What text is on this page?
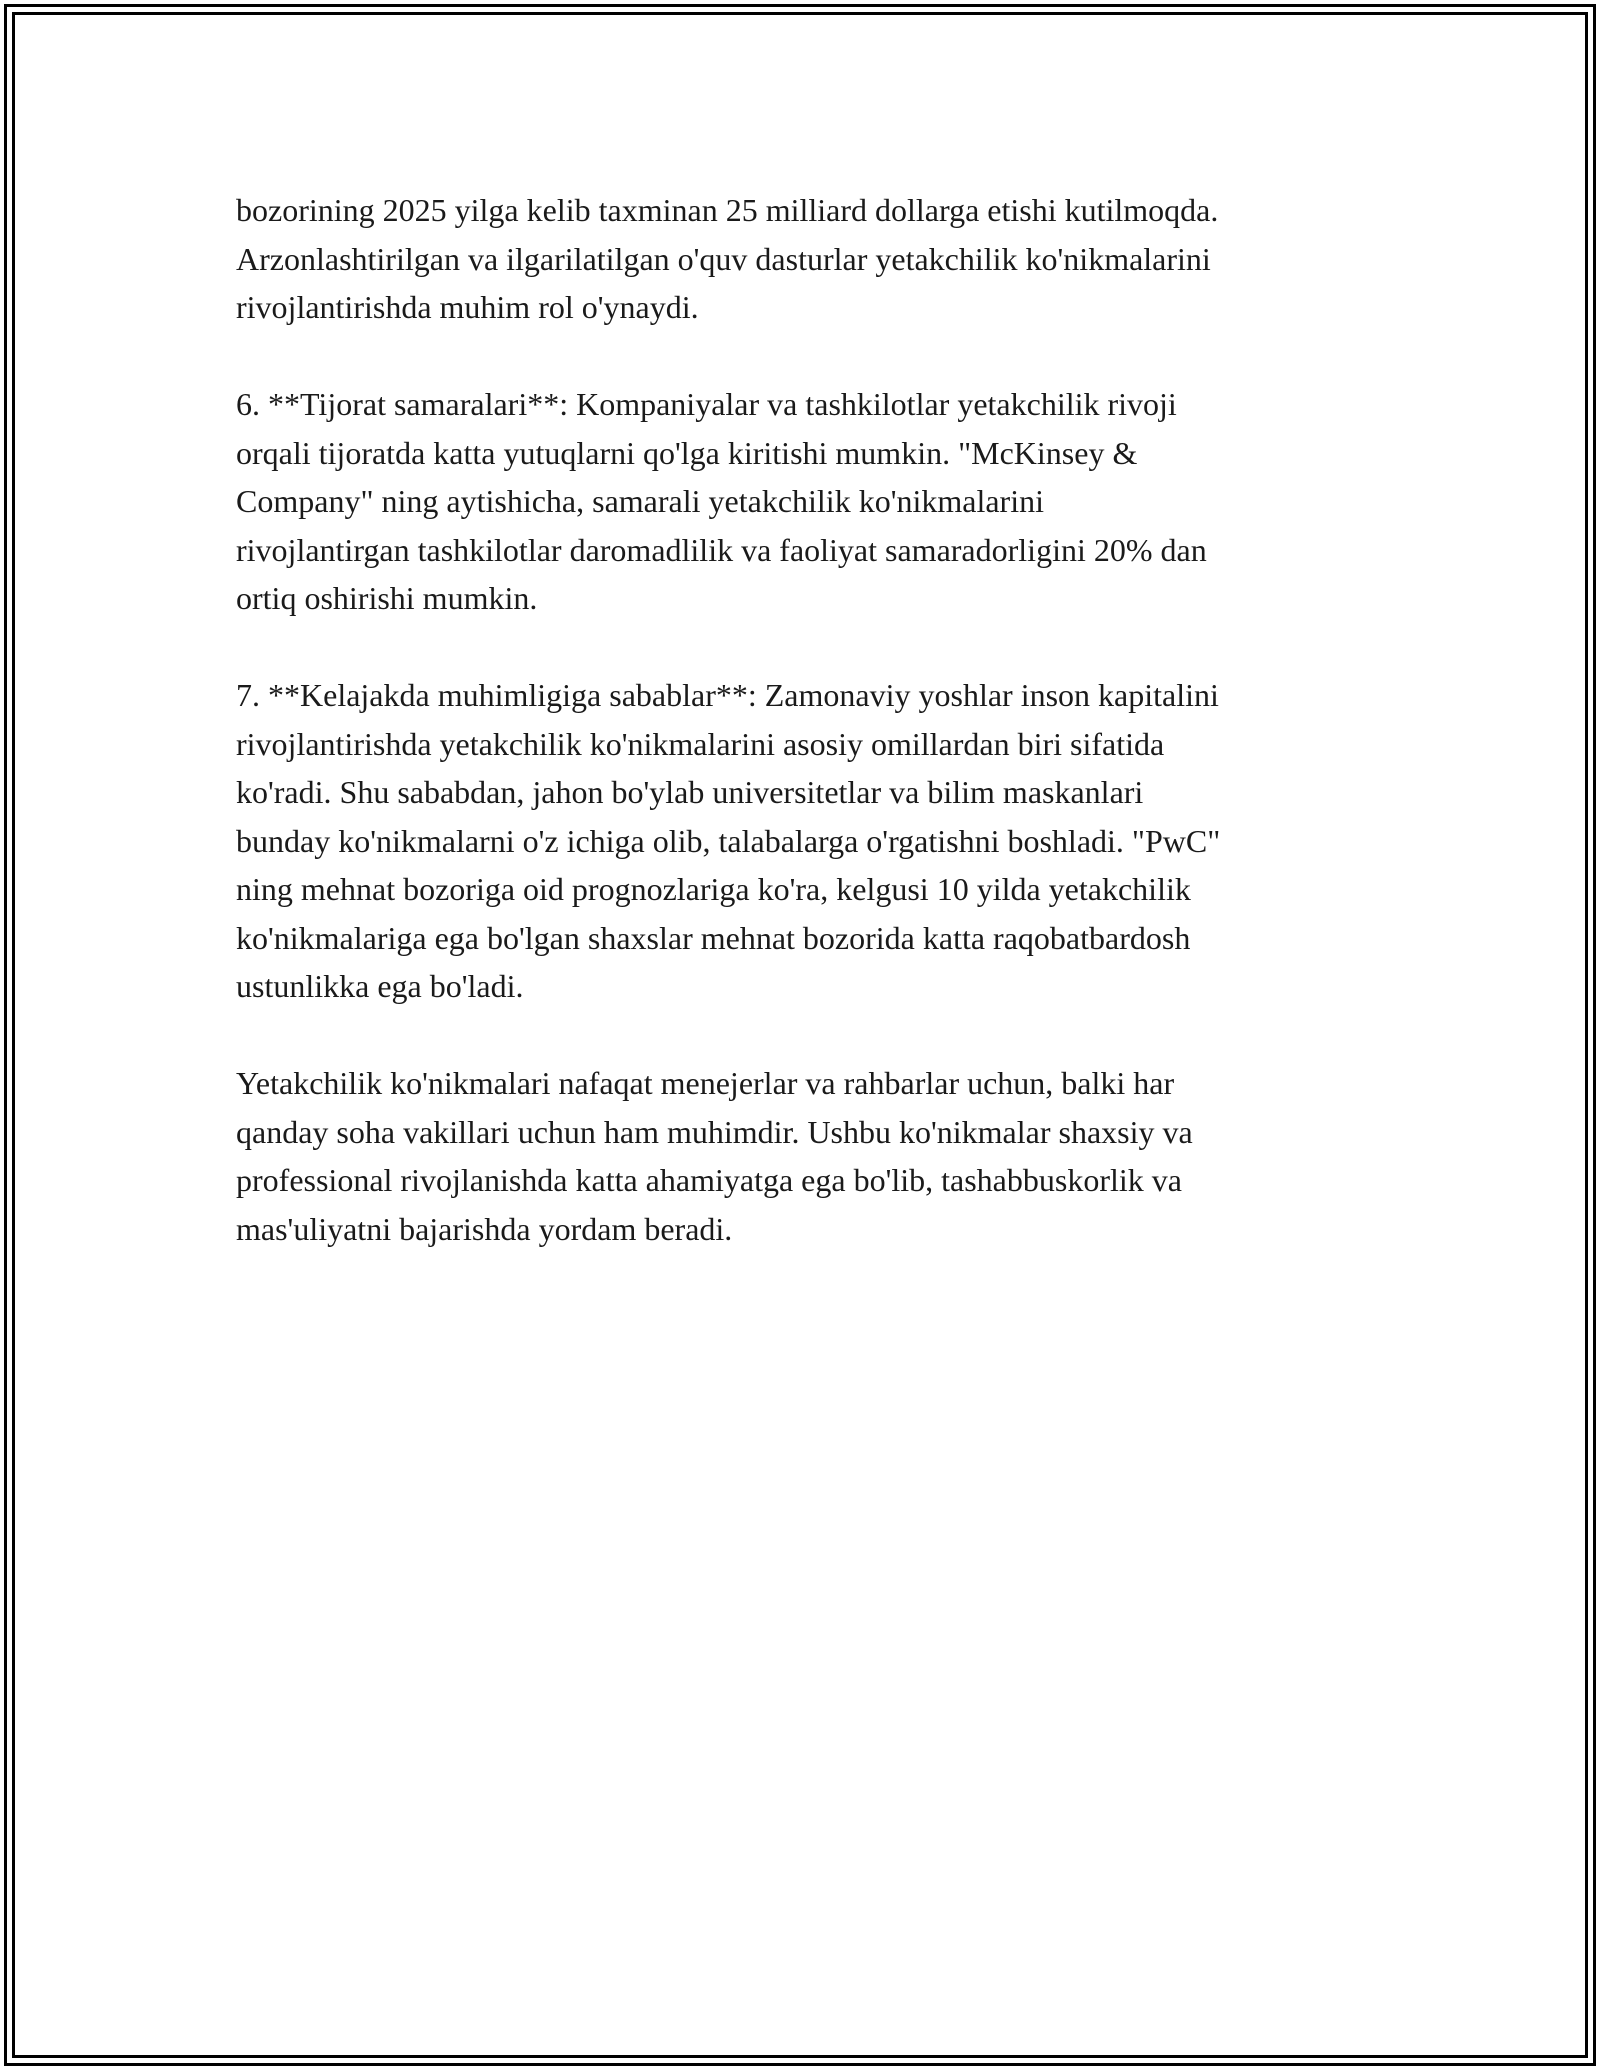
bozorining 2025 yilga kelib taxminan 25 milliard dollarga etishi kutilmoqda.
Arzonlashtirilgan va ilgarilatilgan o'quv dasturlar yetakchilik ko'nikmalarini
rivojlantirishda muhim rol o'ynaydi.

6. **Tijorat samaralari**: Kompaniyalar va tashkilotlar yetakchilik rivoji
orqali tijoratda katta yutuqlarni qo'lga kiritishi mumkin. "McKinsey &
Company" ning aytishicha, samarali yetakchilik ko'nikmalarini
rivojlantirgan tashkilotlar daromadlilik va faoliyat samaradorligini 20% dan
ortiq oshirishi mumkin.

7. **Kelajakda muhimligiga sabablar**: Zamonaviy yoshlar inson kapitalini
rivojlantirishda yetakchilik ko'nikmalarini asosiy omillardan biri sifatida
ko'radi. Shu sababdan, jahon bo'ylab universitetlar va bilim maskanlari
bunday ko'nikmalarni o'z ichiga olib, talabalarga o'rgatishni boshladi. "PwC"
ning mehnat bozoriga oid prognozlariga ko'ra, kelgusi 10 yilda yetakchilik
ko'nikmalariga ega bo'lgan shaxslar mehnat bozorida katta raqobatbardosh
ustunlikka ega bo'ladi.

Yetakchilik ko'nikmalari nafaqat menejerlar va rahbarlar uchun, balki har
qanday soha vakillari uchun ham muhimdir. Ushbu ko'nikmalar shaxsiy va
professional rivojlanishda katta ahamiyatga ega bo'lib, tashabbuskorlik va
mas'uliyatni bajarishda yordam beradi.
